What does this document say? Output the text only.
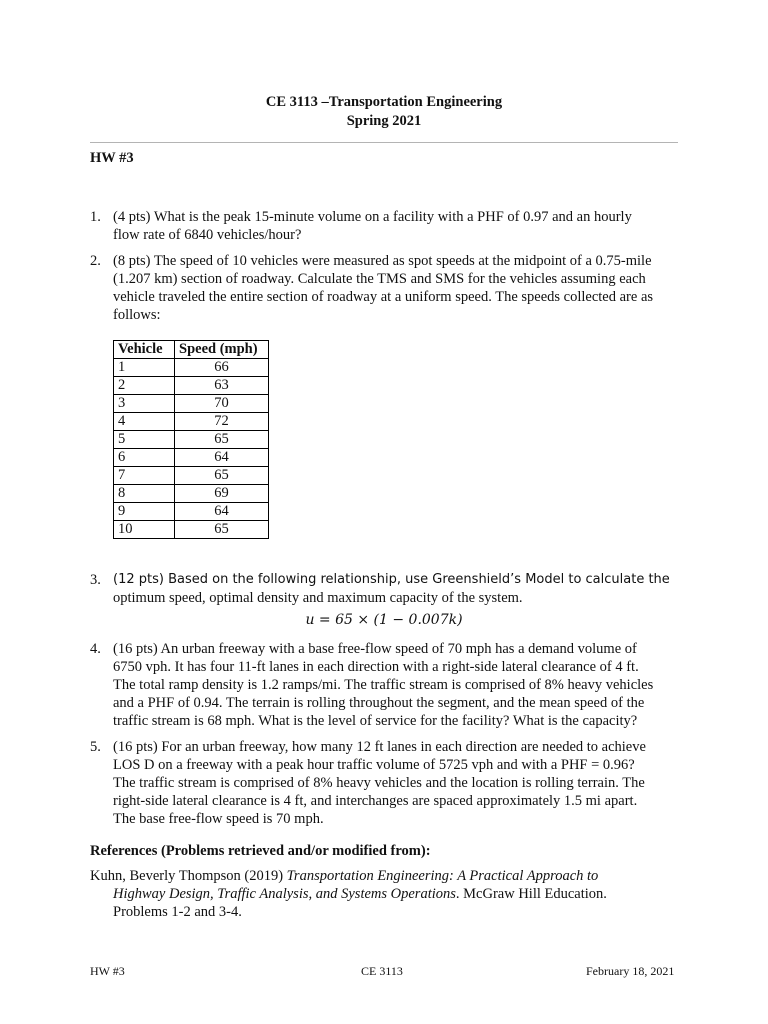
CE 3113 –Transportation Engineering
Spring 2021
HW #3
1. (4 pts) What is the peak 15-minute volume on a facility with a PHF of 0.97 and an hourly
flow rate of 6840 vehicles/hour?
2. (8 pts) The speed of 10 vehicles were measured as spot speeds at the midpoint of a 0.75-mile
(1.207 km) section of roadway. Calculate the TMS and SMS for the vehicles assuming each
vehicle traveled the entire section of roadway at a uniform speed. The speeds collected are as
follows:
Vehicle	Speed (mph)
1	66
2	63
3	70
4	72
5	65
6	64
7	65
8	69
9	64
10	65
3. (12 pts) Based on the following relationship, use Greenshield’s Model to calculate the
optimum speed, optimal density and maximum capacity of the system.
u = 65 × (1 − 0.007k)
4. (16 pts) An urban freeway with a base free-flow speed of 70 mph has a demand volume of
6750 vph. It has four 11-ft lanes in each direction with a right-side lateral clearance of 4 ft.
The total ramp density is 1.2 ramps/mi. The traffic stream is comprised of 8% heavy vehicles
and a PHF of 0.94. The terrain is rolling throughout the segment, and the mean speed of the
traffic stream is 68 mph. What is the level of service for the facility? What is the capacity?
5. (16 pts) For an urban freeway, how many 12 ft lanes in each direction are needed to achieve
LOS D on a freeway with a peak hour traffic volume of 5725 vph and with a PHF = 0.96?
The traffic stream is comprised of 8% heavy vehicles and the location is rolling terrain. The
right-side lateral clearance is 4 ft, and interchanges are spaced approximately 1.5 mi apart.
The base free-flow speed is 70 mph.
References (Problems retrieved and/or modified from):
Kuhn, Beverly Thompson (2019) Transportation Engineering: A Practical Approach to
Highway Design, Traffic Analysis, and Systems Operations. McGraw Hill Education.
Problems 1-2 and 3-4.
HW #3	CE 3113	February 18, 2021
